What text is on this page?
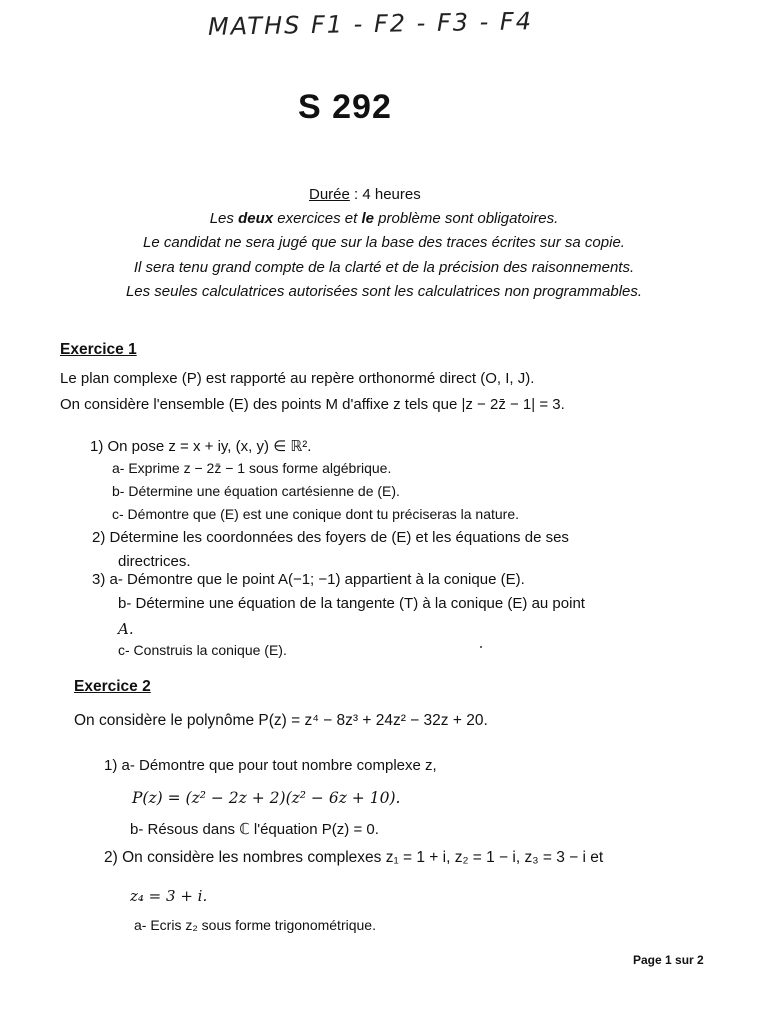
MATHS F1 - F2 - F3 - F4
S 292
Durée : 4 heures
Les deux exercices et le problème sont obligatoires.
Le candidat ne sera jugé que sur la base des traces écrites sur sa copie.
Il sera tenu grand compte de la clarté et de la précision des raisonnements.
Les seules calculatrices autorisées sont les calculatrices non programmables.
Exercice 1
Le plan complexe (P) est rapporté au repère orthonormé direct (O, I, J).
On considère l'ensemble (E) des points M d'affixe z tels que |z − 2z̄ − 1| = 3.
1) On pose z = x + iy, (x, y) ∈ ℝ².
a- Exprime z − 2z̄ − 1 sous forme algébrique.
b- Détermine une équation cartésienne de (E).
c- Démontre que (E) est une conique dont tu préciseras la nature.
2) Détermine les coordonnées des foyers de (E) et les équations de ses
directrices.
3) a- Démontre que le point A(−1; −1) appartient à la conique (E).
b- Détermine une équation de la tangente (T) à la conique (E) au point
A.
c- Construis la conique (E).
Exercice 2
On considère le polynôme P(z) = z⁴ − 8z³ + 24z² − 32z + 20.
1) a- Démontre que pour tout nombre complexe z,
P(z) = (z² − 2z + 2)(z² − 6z + 10).
b- Résous dans ℂ l'équation P(z) = 0.
2) On considère les nombres complexes z₁ = 1 + i, z₂ = 1 − i, z₃ = 3 − i et
z₄ = 3 + i.
a- Ecris z₂ sous forme trigonométrique.
Page 1 sur 2
